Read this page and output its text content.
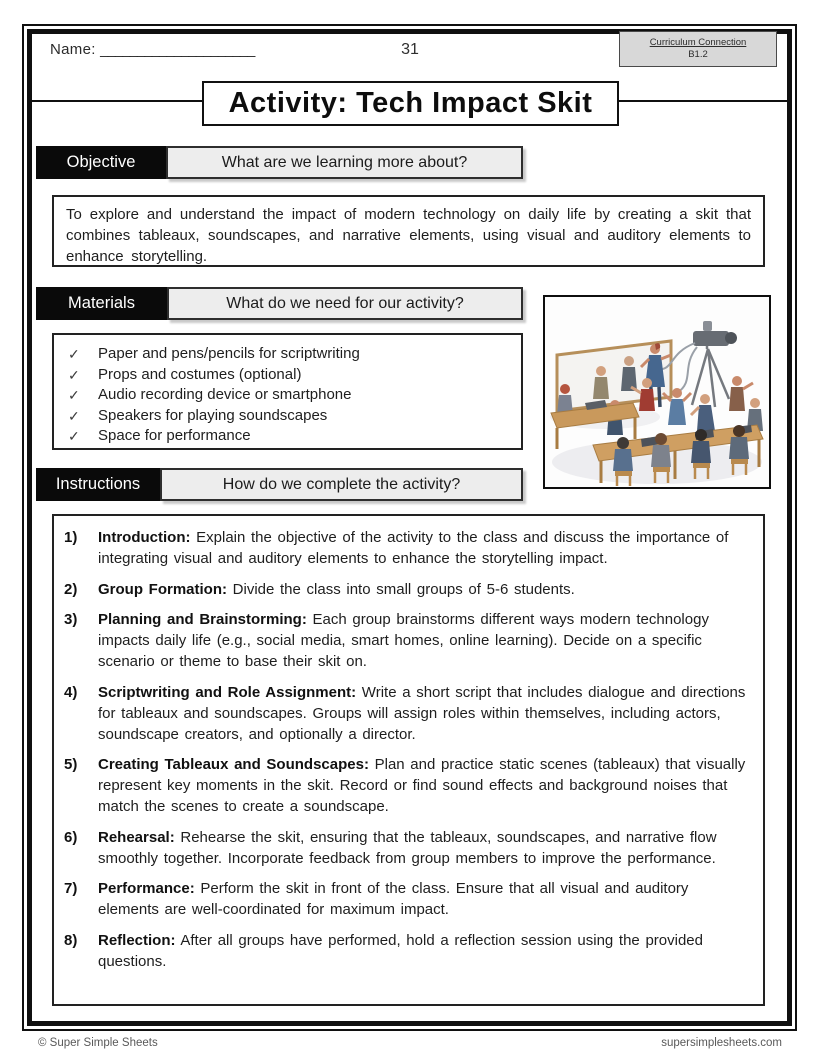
Name: _____________________	31	Curriculum Connection
B1.2
Activity: Tech Impact Skit
Objective	What are we learning more about?
To explore and understand the impact of modern technology on daily life by creating a skit that combines tableaux, soundscapes, and narrative elements, using visual and auditory elements to enhance storytelling.
Materials	What do we need for our activity?
✓	Paper and pens/pencils for scriptwriting
✓	Props and costumes (optional)
✓	Audio recording device or smartphone
✓	Speakers for playing soundscapes
✓	Space for performance
Instructions	How do we complete the activity?
1)	Introduction: Explain the objective of the activity to the class and discuss the importance of integrating visual and auditory elements to enhance the storytelling impact.
2)	Group Formation: Divide the class into small groups of 5-6 students.
3)	Planning and Brainstorming: Each group brainstorms different ways modern technology impacts daily life (e.g., social media, smart homes, online learning). Decide on a specific scenario or theme to base their skit on.
4)	Scriptwriting and Role Assignment: Write a short script that includes dialogue and directions for tableaux and soundscapes. Groups will assign roles within themselves, including actors, soundscape creators, and optionally a director.
5)	Creating Tableaux and Soundscapes: Plan and practice static scenes (tableaux) that visually represent key moments in the skit. Record or find sound effects and background noises that match the scenes to create a soundscape.
6)	Rehearsal: Rehearse the skit, ensuring that the tableaux, soundscapes, and narrative flow smoothly together. Incorporate feedback from group members to improve the performance.
7)	Performance: Perform the skit in front of the class. Ensure that all visual and auditory elements are well-coordinated for maximum impact.
8)	Reflection: After all groups have performed, hold a reflection session using the provided questions.
© Super Simple Sheets	supersimplesheets.com
